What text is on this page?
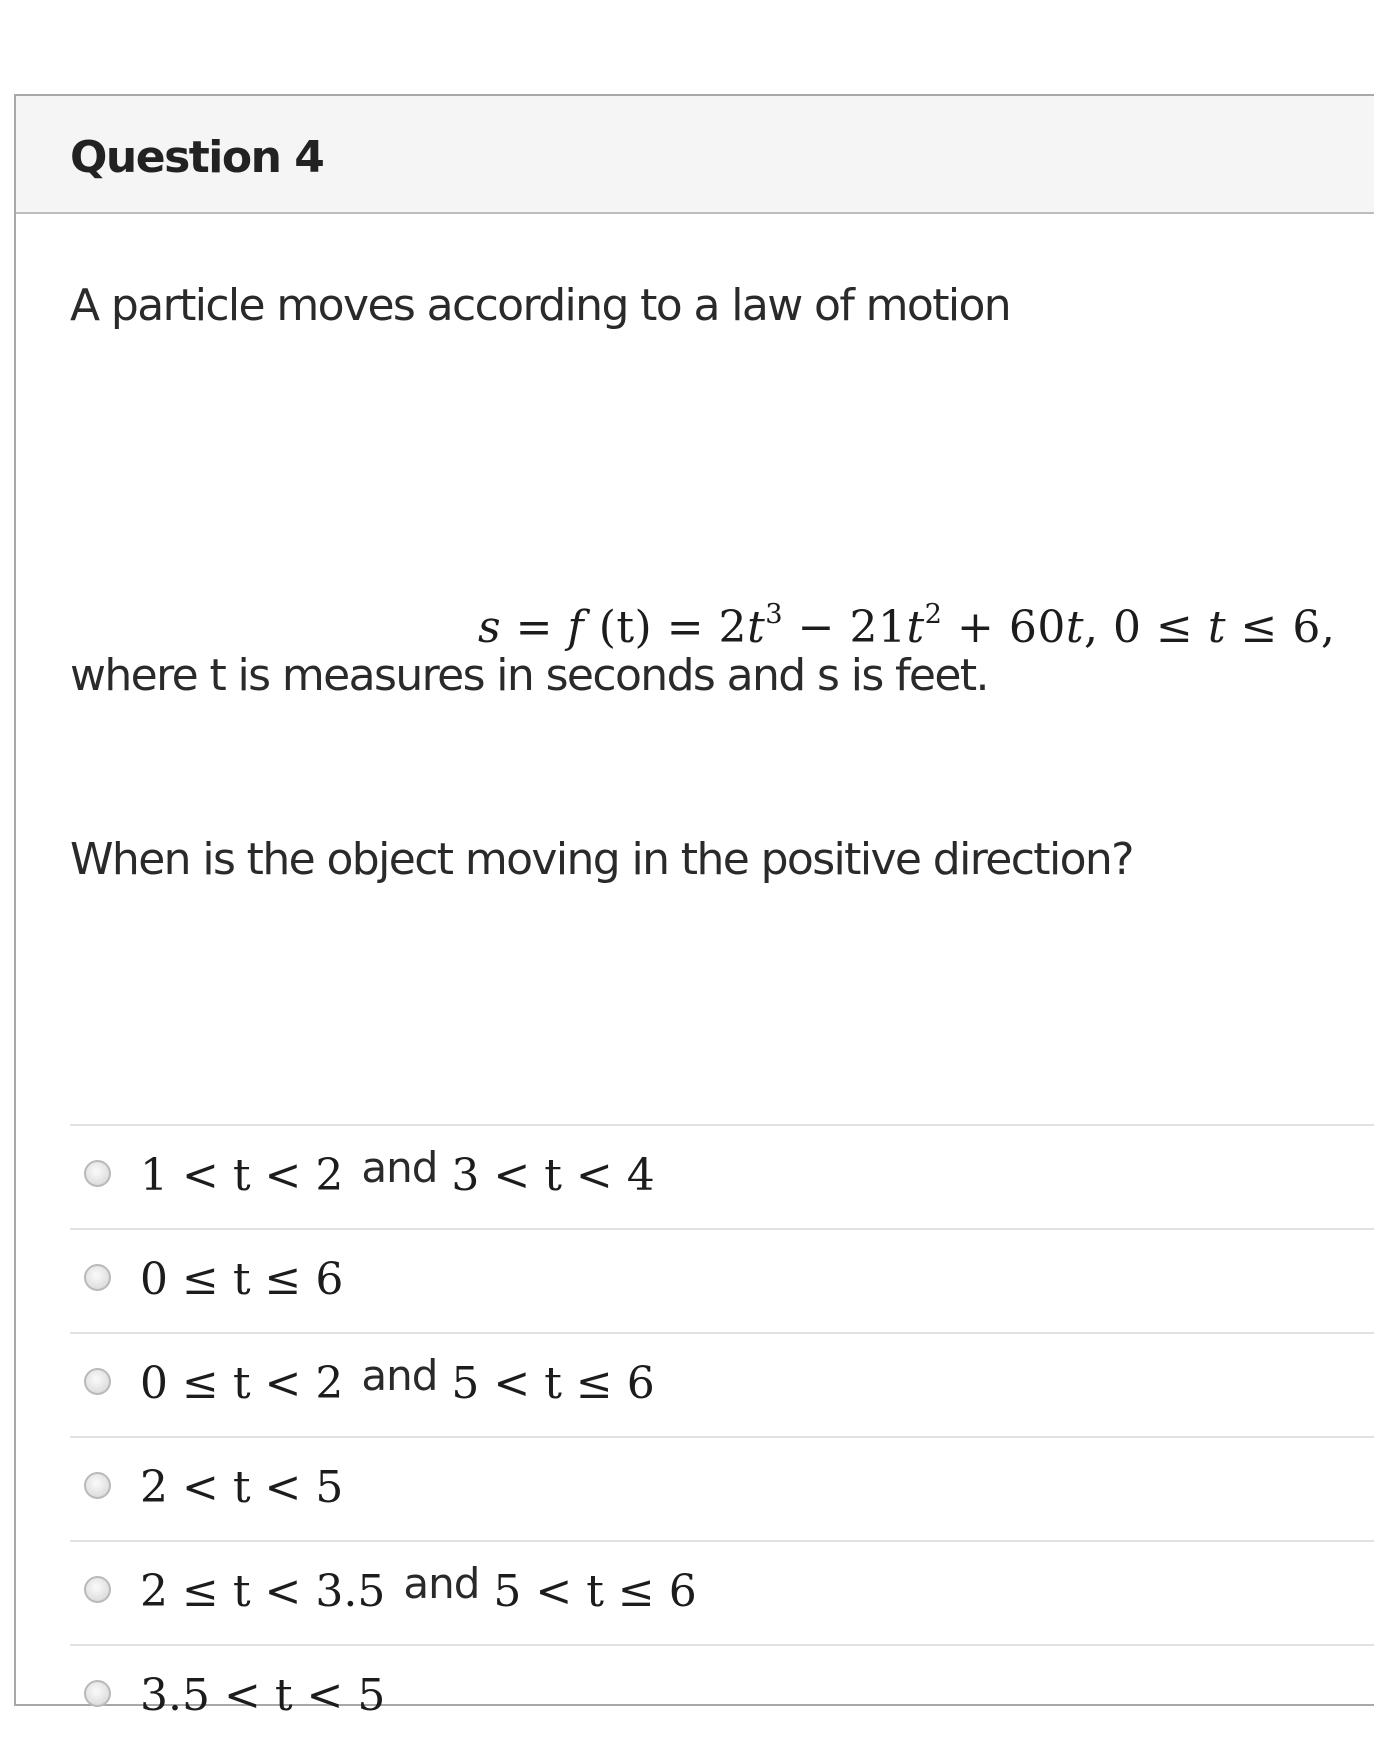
Question 4
A particle moves according to a law of motion
s = f $(t) = 2t^3 - 21t^2 + 60t$, 0 ≤ t ≤ 6,
where t is measures in seconds and s is feet.
When is the object moving in the positive direction?
1 < t < 2 and 3 < t < 4
0 ≤ t ≤ 6
0 ≤ t < 2 and 5 < t ≤ 6
2 < t < 5
2 ≤ t < 3.5 and 5 < t ≤ 6
3.5 < t < 5
